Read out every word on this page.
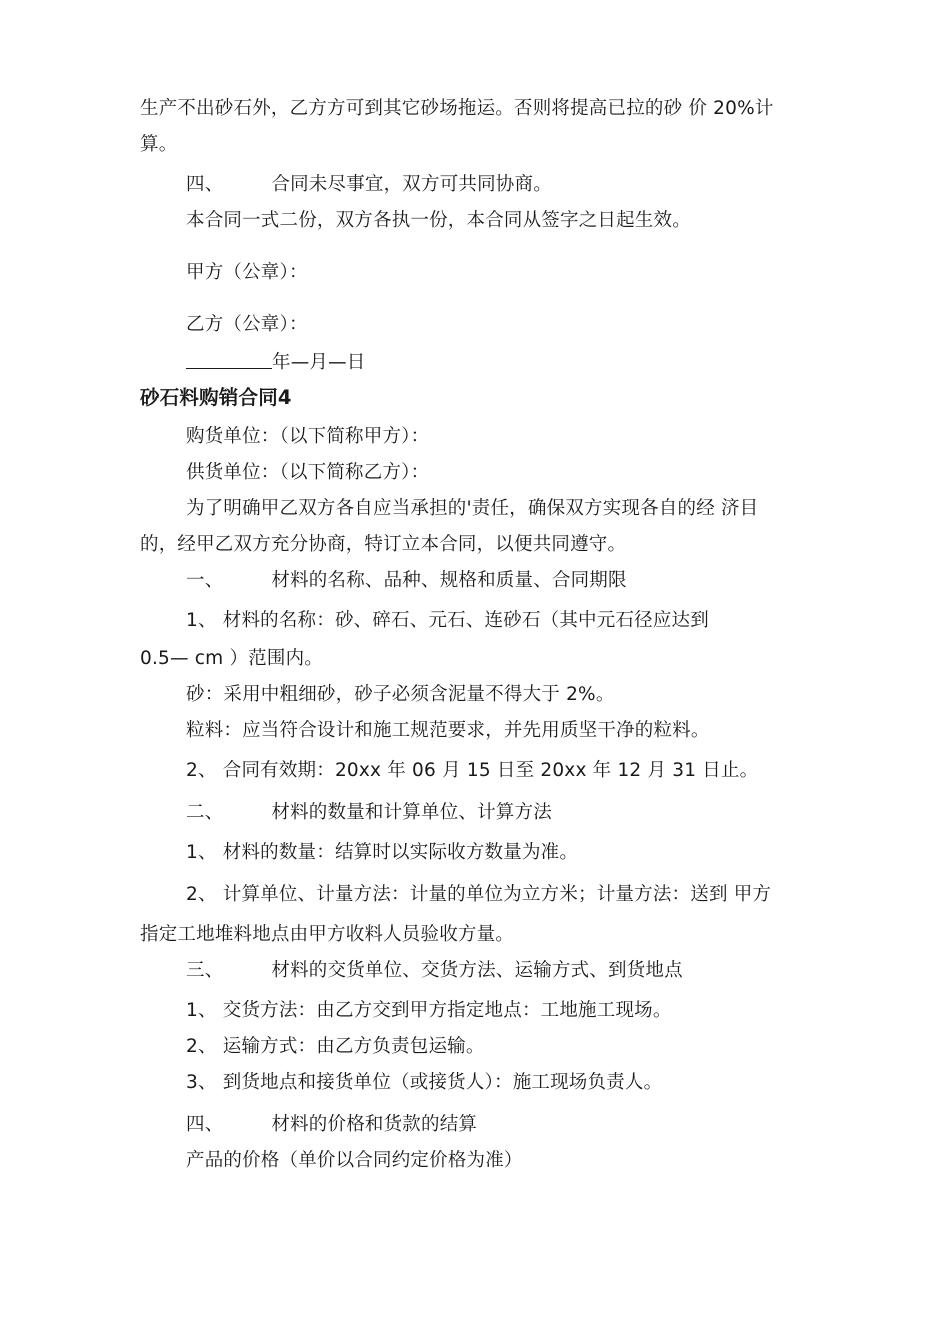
生产不出砂石外，乙方方可到其它砂场拖运。否则将提高已拉的砂 价 20%计
算。
四、	合同未尽事宜，双方可共同协商。
本合同一式二份，双方各执一份，本合同从签字之日起生效。
甲方（公章）：
乙方（公章）：
年—月—日
砂石料购销合同4
购货单位：（以下简称甲方）：
供货单位：（以下简称乙方）：
为了明确甲乙双方各自应当承担的'责任，确保双方实现各自的经 济目
的，经甲乙双方充分协商，特订立本合同，以便共同遵守。
一、	材料的名称、品种、规格和质量、合同期限
1、 材料的名称：砂、碎石、元石、连砂石（其中元石径应达到
0.5— cm ）范围内。
砂：采用中粗细砂，砂子必须含泥量不得大于 2%。
粒料：应当符合设计和施工规范要求，并先用质坚干净的粒料。
2、 合同有效期：20xx 年 06 月 15 日至 20xx 年 12 月 31 日止。
二、	材料的数量和计算单位、计算方法
1、 材料的数量：结算时以实际收方数量为准。
2、 计算单位、计量方法：计量的单位为立方米；计量方法：送到 甲方
指定工地堆料地点由甲方收料人员验收方量。
三、	材料的交货单位、交货方法、运输方式、到货地点
1、 交货方法：由乙方交到甲方指定地点：工地施工现场。
2、 运输方式：由乙方负责包运输。
3、 到货地点和接货单位（或接货人）：施工现场负责人。
四、	材料的价格和货款的结算
产品的价格（单价以合同约定价格为准）
